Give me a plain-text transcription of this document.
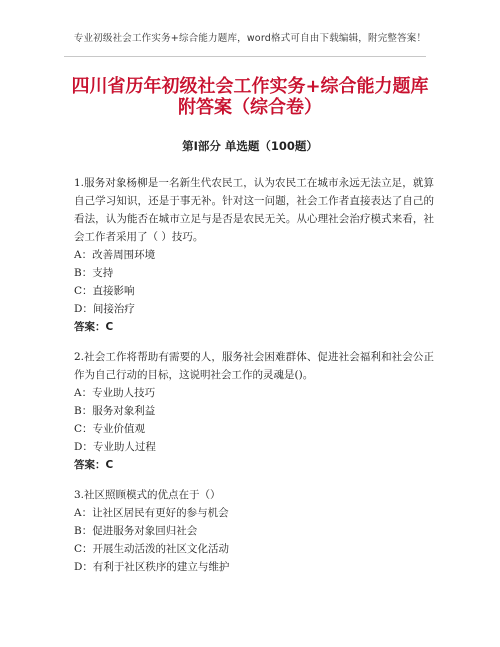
专业初级社会工作实务+综合能力题库，word格式可自由下载编辑，附完整答案！
四川省历年初级社会工作实务+综合能力题库
附答案（综合卷）
第I部分 单选题（100题）

1.服务对象杨柳是一名新生代农民工，认为农民工在城市永远无法立足，就算自己学习知识，还是于事无补。针对这一问题，社会工作者直接表达了自己的看法，认为能否在城市立足与是否是农民无关。从心理社会治疗模式来看，社会工作者采用了（ ）技巧。

A：改善周围环境

B：支持

C：直接影响

D：间接治疗

答案：C

2.社会工作将帮助有需要的人，服务社会困难群体、促进社会福利和社会公正作为自己行动的目标，这说明社会工作的灵魂是()。

A：专业助人技巧

B：服务对象利益

C：专业价值观

D：专业助人过程

答案：C

3.社区照顾模式的优点在于（）

A：让社区居民有更好的参与机会

B：促进服务对象回归社会

C：开展生动活泼的社区文化活动

D：有利于社区秩序的建立与维护
